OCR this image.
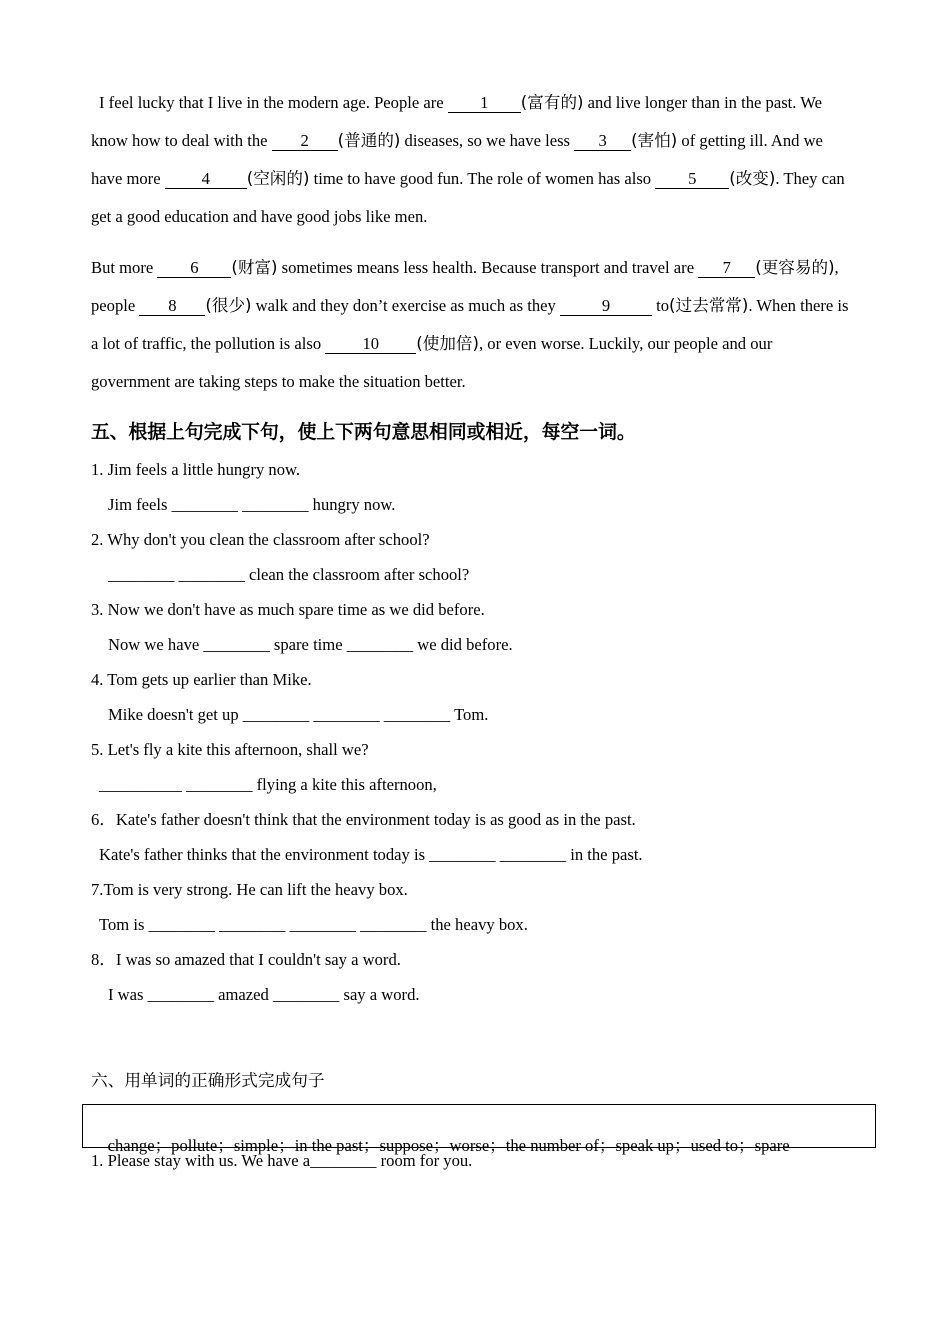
I feel lucky that I live in the modern age. People are 1 (富有的) and live longer than in the past. We
know how to deal with the 2 (普通的) diseases, so we have less 3 (害怕) of getting ill. And we
have more 4 (空闲的) time to have good fun. The role of women has also 5 (改变). They can
get a good education and have good jobs like men.
But more 6 (财富) sometimes means less health. Because transport and travel are 7 (更容易的),
people 8 (很少) walk and they don’t exercise as much as they	9	to(过去常常). When there is
a lot of traffic, the pollution is also 10 (使加倍), or even worse. Luckily, our people and our
government are taking steps to make the situation better.
五、根据上句完成下句，使上下两句意思相同或相近，每空一词。
1. Jim feels a little hungry now.
Jim feels ________ ________ hungry now.
2. Why don't you clean the classroom after school?
________ ________ clean the classroom after school?
3. Now we don't have as much spare time as we did before.
Now we have ________ spare time ________ we did before.
4. Tom gets up earlier than Mike.
Mike doesn't get up ________ ________ ________ Tom.
5. Let's fly a kite this afternoon, shall we?
__________ ________ flying a kite this afternoon,
6．Kate's father doesn't think that the environment today is as good as in the past.
Kate's father thinks that the environment today is ________ ________ in the past.
7.Tom is very strong. He can lift the heavy box.
Tom is ________ ________ ________ ________ the heavy box.
8．I was so amazed that I couldn't say a word.
I was ________ amazed ________ say a word.
六、用单词的正确形式完成句子

change；pollute；simple；in the past；suppose；worse；the number of；speak up；used to；spare

1. Please stay with us. We have a________ room for you.
